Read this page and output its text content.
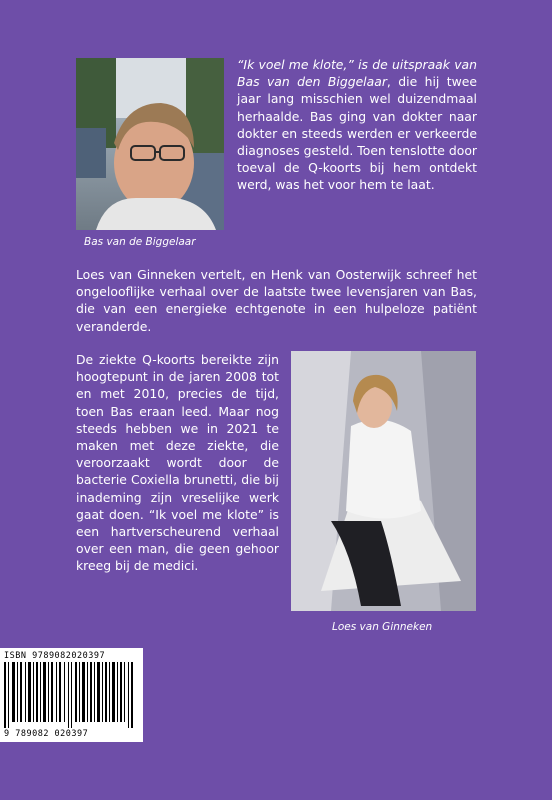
Bas van de Biggelaar
“Ik voel me klote,” is de uitspraak van Bas van den Biggelaar, die hij twee jaar lang misschien wel duizendmaal herhaalde. Bas ging van dokter naar dokter en steeds werden er verkeerde diagnoses gesteld. Toen tenslotte door toeval de Q-koorts bij hem ontdekt werd, was het voor hem te laat.
Loes van Ginneken vertelt, en Henk van Oosterwijk schreef het ongelooflijke verhaal over de laatste twee levensjaren van Bas, die van een energieke echtgenote in een hulpeloze patiënt veranderde.
De ziekte Q-koorts bereikte zijn hoogtepunt in de jaren 2008 tot en met 2010, precies de tijd, toen Bas eraan leed. Maar nog steeds hebben we in 2021 te maken met deze ziekte, die veroorzaakt wordt door de bacterie Coxiella brunetti, die bij inademing zijn vreselijke werk gaat doen. “Ik voel me klote” is een hartverscheurend verhaal over een man, die geen gehoor kreeg bij de medici.
Loes van Ginneken
ISBN 9789082020397
9 789082 020397
